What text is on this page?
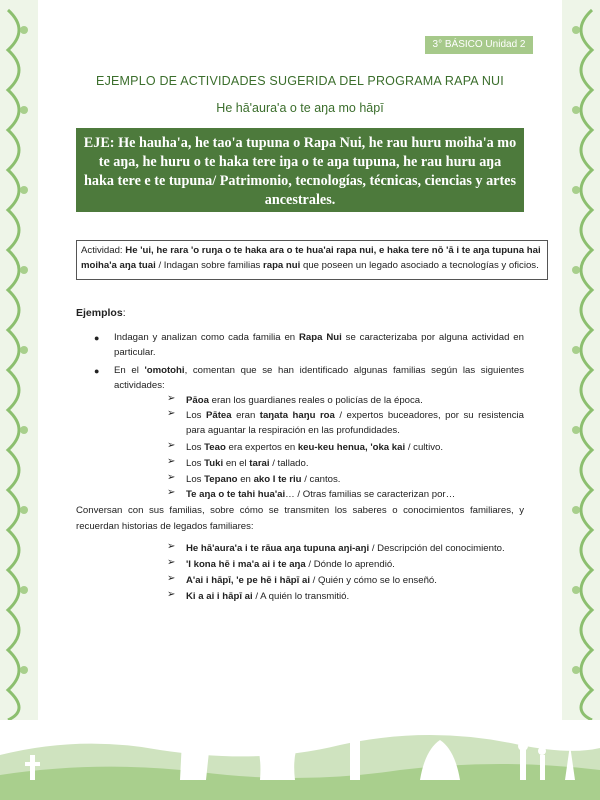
3° BÁSICO Unidad 2
EJEMPLO DE ACTIVIDADES SUGERIDA DEL PROGRAMA RAPA NUI
He hā'aura'a o te aŋa mo hāpī
EJE: He hauha'a, he tao'a tupuna o Rapa Nui, he rau huru moiha'a mo te aŋa, he huru o te haka tere iŋa o te aŋa tupuna, he rau huru aŋa haka tere e te tupuna/ Patrimonio, tecnologías, técnicas, ciencias y artes ancestrales.
Actividad: He 'ui, he rara 'o ruŋa o te haka ara o te hua'ai rapa nui, e haka tere nō 'ā i te aŋa tupuna hai moiha'a aŋa tuai / Indagan sobre familias rapa nui que poseen un legado asociado a tecnologías y oficios.
Ejemplos:
● Indagan y analizan como cada familia en Rapa Nui se caracterizaba por alguna actividad en particular.
● En el 'omotohi, comentan que se han identificado algunas familias según las siguientes actividades:
➢ Pāoa eran los guardianes reales o policías de la época.
➢ Los Pātea eran taŋata haŋu roa / expertos buceadores, por su resistencia para aguantar la respiración en las profundidades.
➢ Los Teao era expertos en keu-keu henua, 'oka kai / cultivo.
➢ Los Tuki en el tarai / tallado.
➢ Los Tepano en ako I te riu / cantos.
➢ Te aŋa o te tahi hua'ai… / Otras familias se caracterizan por…
Conversan con sus familias, sobre cómo se transmiten los saberes o conocimientos familiares, y recuerdan historias de legados familiares:
➢ He hā'aura'a i te rāua aŋa tupuna aŋi-aŋi / Descripción del conocimiento.
➢ 'I kona hē i ma'a ai i te aŋa / Dónde lo aprendió.
➢ A'ai i hāpī, 'e pe hē i hāpī ai / Quién y cómo se lo enseñó.
➢ Ki a ai i hāpī ai / A quién lo transmitió.
